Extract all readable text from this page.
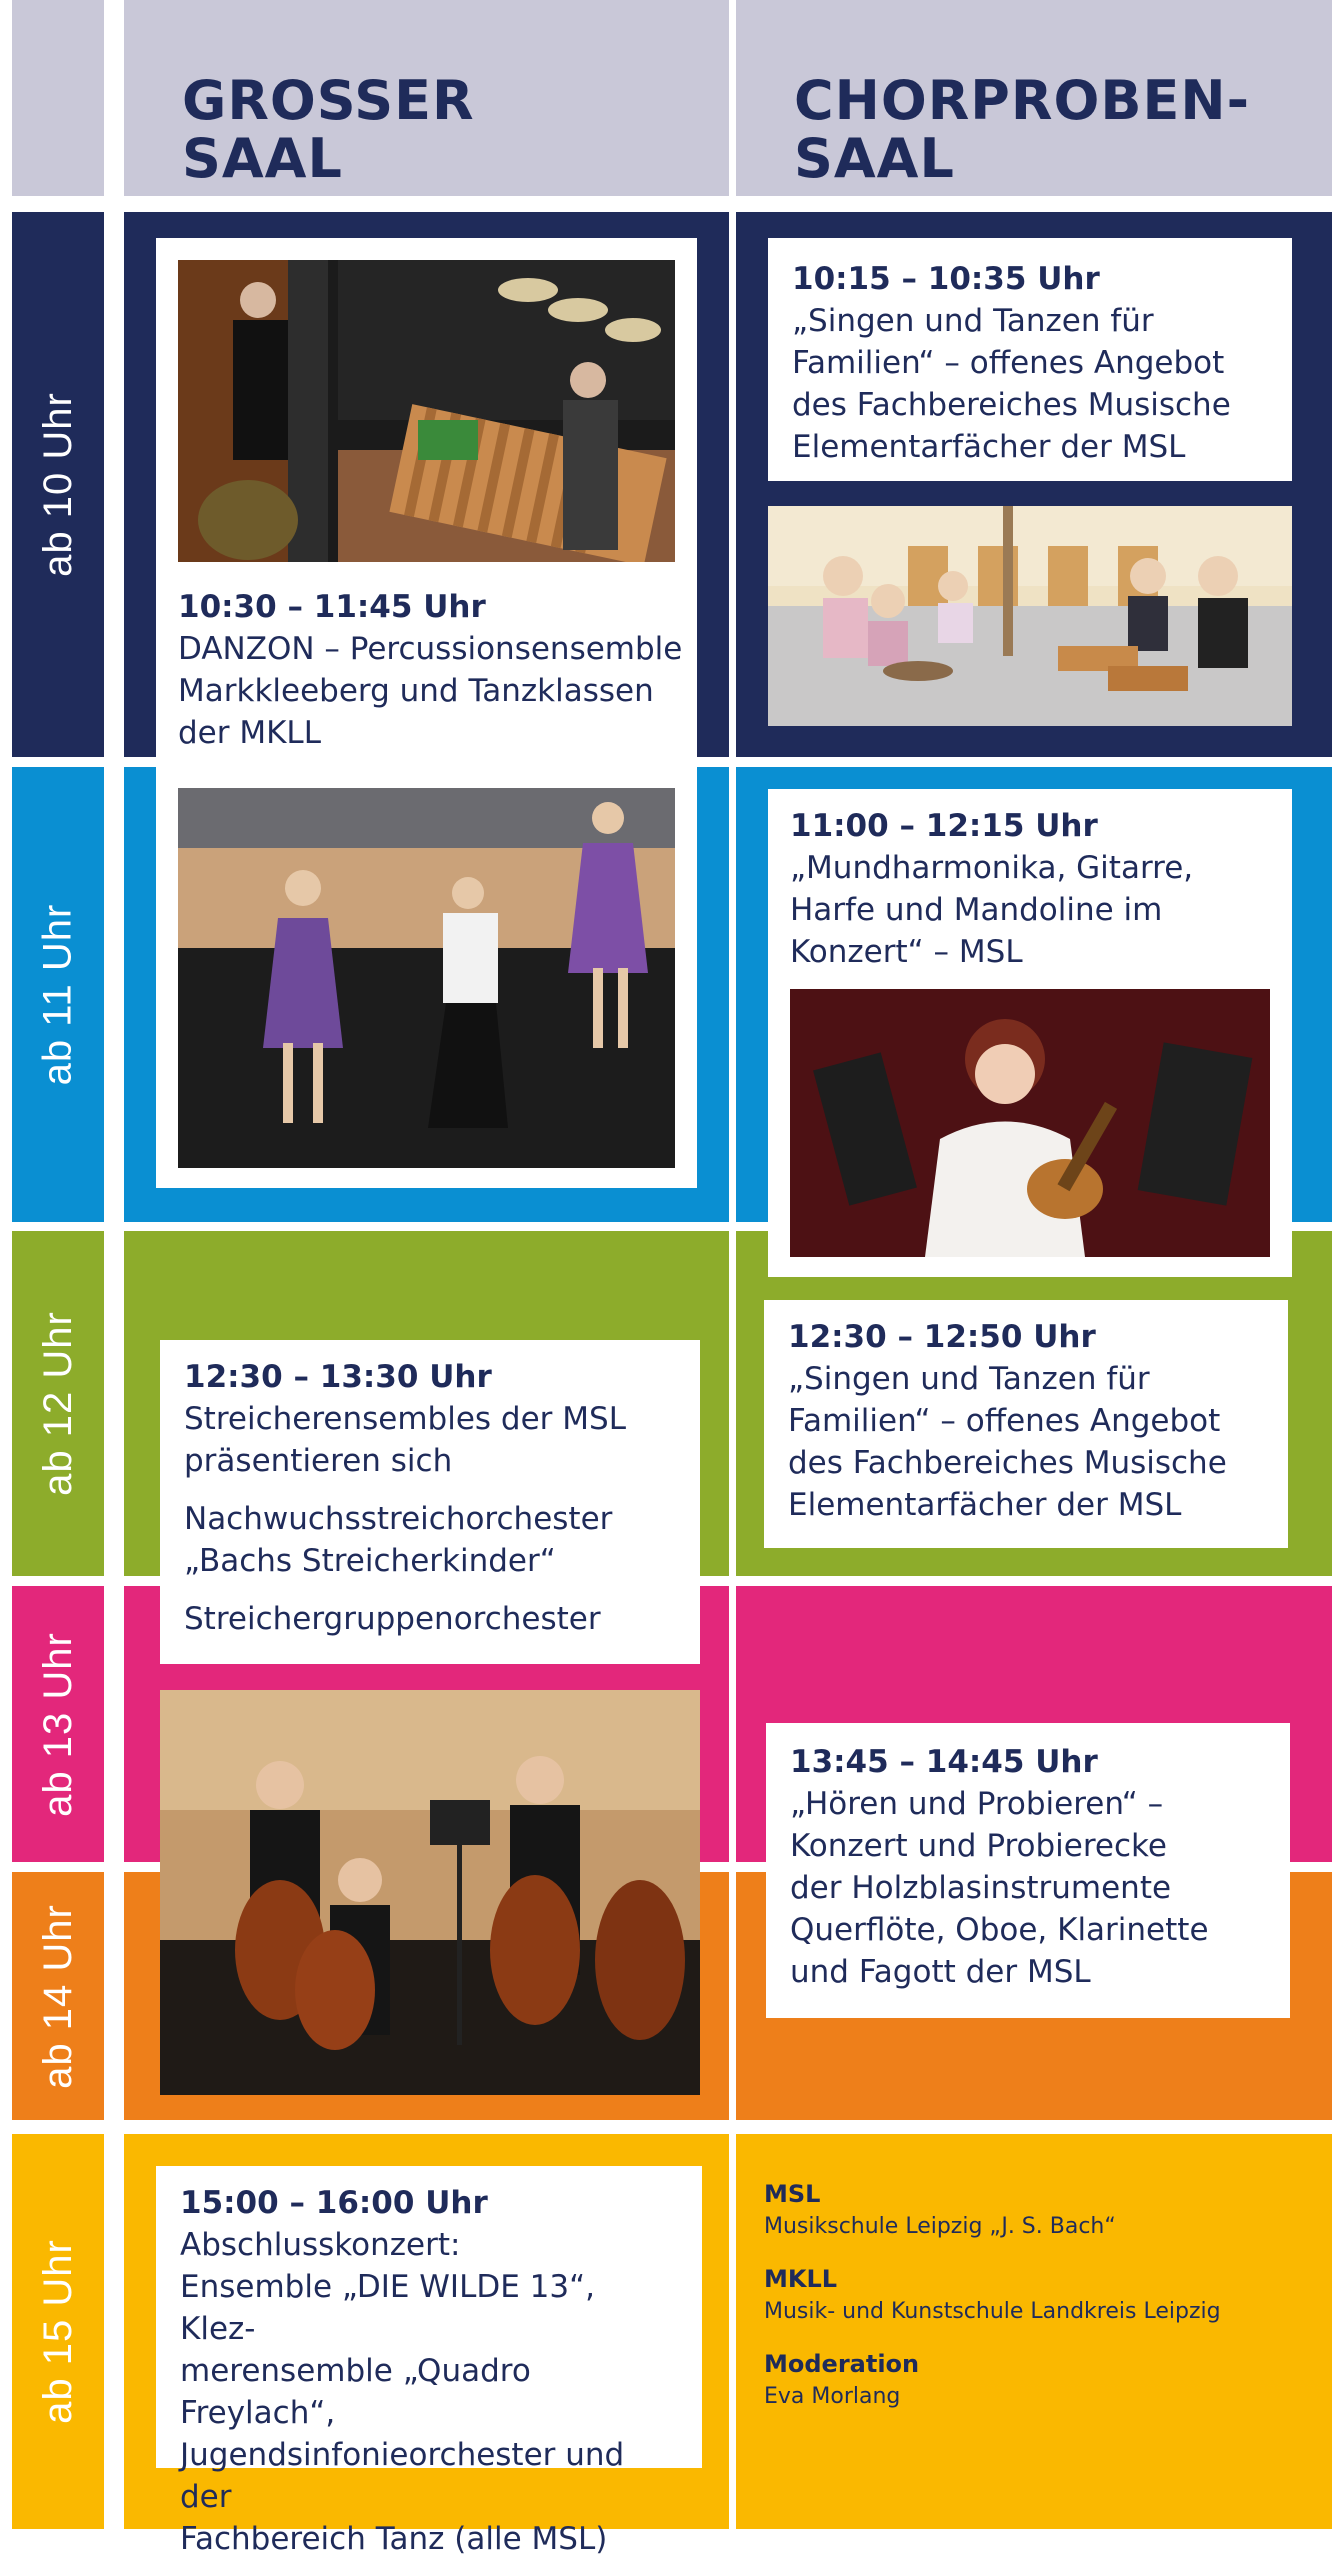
GROSSER
SAAL
CHORPROBEN-
SAAL
ab 10 Uhr
ab 11 Uhr
ab 12 Uhr
ab 13 Uhr
ab 14 Uhr
ab 15 Uhr
10:30 – 11:45 Uhr
DANZON – Percussionsensemble
Markkleeberg und Tanzklassen
der MKLL
10:15 – 10:35 Uhr
„Singen und Tanzen für
Familien“ – offenes Angebot
des Fachbereiches Musische
Elementarfächer der MSL
11:00 – 12:15 Uhr
„Mundharmonika, Gitarre,
Harfe und Mandoline im
Konzert“ – MSL
12:30 – 13:30 Uhr
Streicherensembles der MSL
präsentieren sich
Nachwuchsstreichorchester
„Bachs Streicherkinder“
Streichergruppenorchester
12:30 – 12:50 Uhr
„Singen und Tanzen für
Familien“ – offenes Angebot
des Fachbereiches Musische
Elementarfächer der MSL
13:45 – 14:45 Uhr
„Hören und Probieren“ –
Konzert und Probierecke
der Holzblasinstrumente
Querflöte, Oboe, Klarinette
und Fagott der MSL
15:00 – 16:00 Uhr
Abschlusskonzert:
Ensemble „DIE WILDE 13“, Klez-
merensemble „Quadro Freylach“,
Jugendsinfonieorchester und der
Fachbereich Tanz (alle MSL)
MSL
Musikschule Leipzig „J. S. Bach“
MKLL
Musik- und Kunstschule Landkreis Leipzig
Moderation
Eva Morlang
